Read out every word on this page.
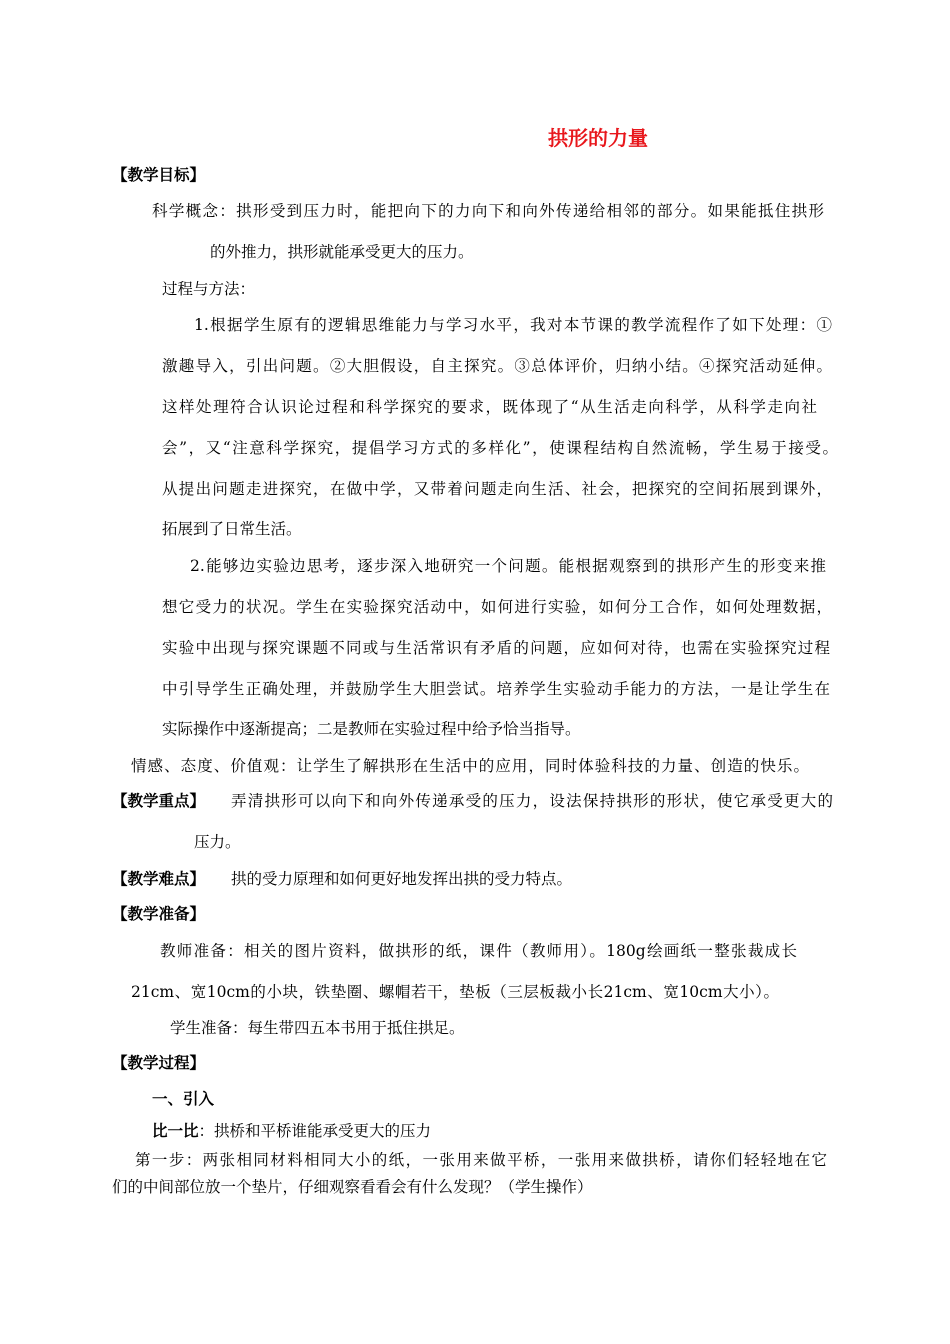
拱形的力量
【教学目标】
科学概念：拱形受到压力时，能把向下的力向下和向外传递给相邻的部分。如果能抵住拱形
的外推力，拱形就能承受更大的压力。
过程与方法：
1.根据学生原有的逻辑思维能力与学习水平，我对本节课的教学流程作了如下处理：①
激趣导入，引出问题。②大胆假设，自主探究。③总体评价，归纳小结。④探究活动延伸。
这样处理符合认识论过程和科学探究的要求，既体现了“从生活走向科学，从科学走向社
会”，又“注意科学探究，提倡学习方式的多样化”，使课程结构自然流畅，学生易于接受。
从提出问题走进探究，在做中学，又带着问题走向生活、社会，把探究的空间拓展到课外，
拓展到了日常生活。
2.能够边实验边思考，逐步深入地研究一个问题。能根据观察到的拱形产生的形变来推
想它受力的状况。学生在实验探究活动中，如何进行实验，如何分工合作，如何处理数据，
实验中出现与探究课题不同或与生活常识有矛盾的问题，应如何对待，也需在实验探究过程
中引导学生正确处理，并鼓励学生大胆尝试。培养学生实验动手能力的方法，一是让学生在
实际操作中逐渐提高；二是教师在实验过程中给予恰当指导。
情感、态度、价值观：让学生了解拱形在生活中的应用，同时体验科技的力量、创造的快乐。
【教学重点】 弄清拱形可以向下和向外传递承受的压力，设法保持拱形的形状，使它承受更大的
压力。
【教学难点】 拱的受力原理和如何更好地发挥出拱的受力特点。
【教学准备】
教师准备：相关的图片资料，做拱形的纸，课件（教师用）。180g绘画纸一整张裁成长
21cm、宽10cm的小块，铁垫圈、螺帽若干，垫板（三层板裁小长21cm、宽10cm大小）。
学生准备：每生带四五本书用于抵住拱足。
【教学过程】
一、引入
比一比：拱桥和平桥谁能承受更大的压力
第一步：两张相同材料相同大小的纸，一张用来做平桥，一张用来做拱桥，请你们轻轻地在它
们的中间部位放一个垫片，仔细观察看看会有什么发现？（学生操作）
